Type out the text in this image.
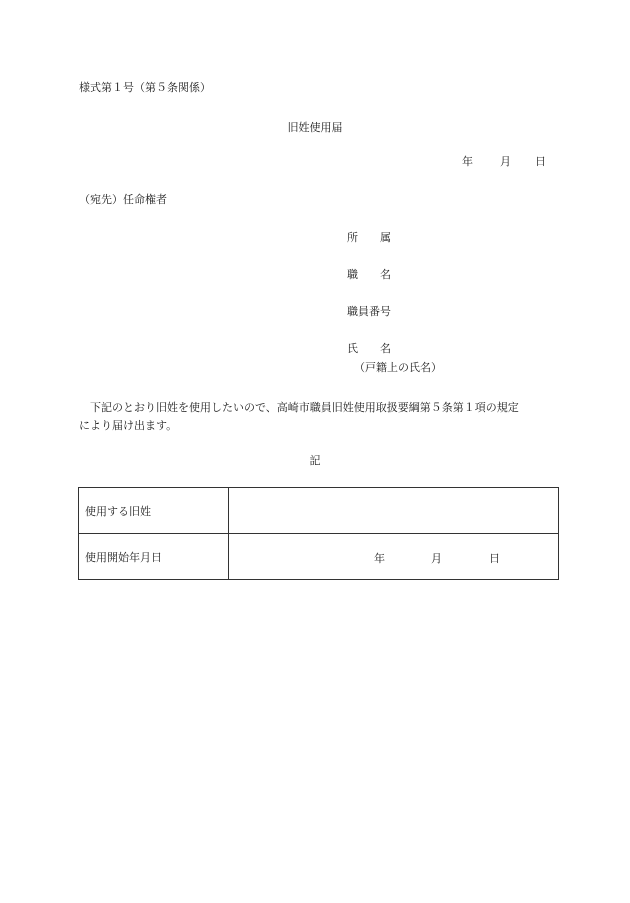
様式第１号（第５条関係）
旧姓使用届
年 月 日
（宛先）任命権者
所　　属
職　　名
職員番号
氏　　名
（戸籍上の氏名）
下記のとおり旧姓を使用したいので、高崎市職員旧姓使用取扱要綱第５条第１項の規定
により届け出ます。
記
使用する旧姓	
使用開始年月日	年 月 日
